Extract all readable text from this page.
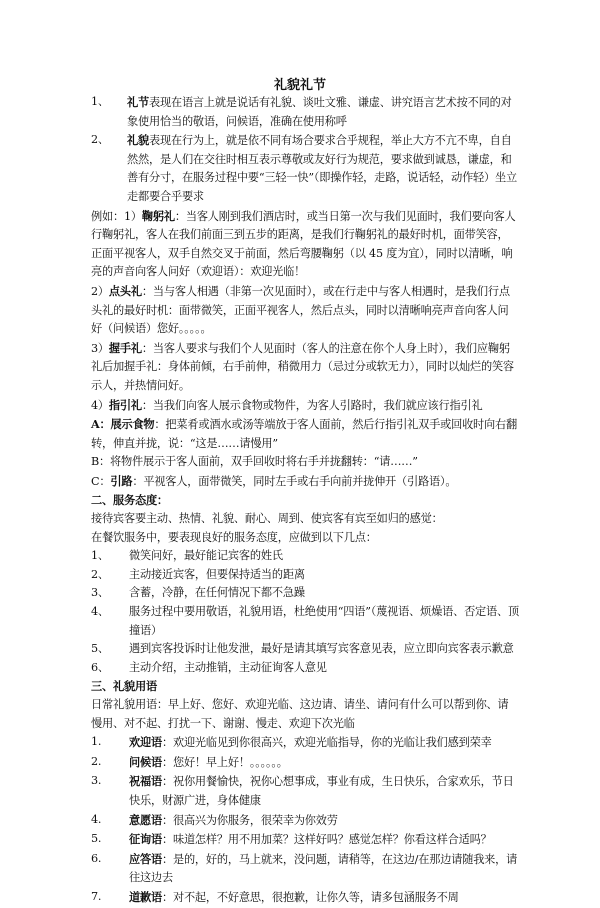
礼貌礼节
1、 礼节表现在语言上就是说话有礼貌、谈吐文雅、谦虚、讲究语言艺术按不同的对象使用恰当的敬语，问候语，准确在使用称呼
2、 礼貌表现在行为上，就是依不同有场合要求合乎规程，举止大方不亢不卑，自自然然，是人们在交往时相互表示尊敬或友好行为规范，要求做到诚恳，谦虚，和善有分寸，在服务过程中要“三轻一快”（即操作轻，走路，说话轻，动作轻）坐立走都要合乎要求

例如：1）鞠躬礼：当客人刚到我们酒店时，或当日第一次与我们见面时，我们要向客人行鞠躬礼，客人在我们前面三到五步的距离，是我们行鞠躬礼的最好时机，面带笑容，正面平视客人，双手自然交叉于前面，然后弯腰鞠躬（以 45 度为宜），同时以清晰，响亮的声音向客人问好（欢迎语）：欢迎光临！

2）点头礼：当与客人相遇（非第一次见面时），或在行走中与客人相遇时，是我们行点头礼的最好时机：面带微笑，正面平视客人，然后点头，同时以清晰响亮声音向客人问好（问候语）您好。。。。。

3）握手礼：当客人要求与我们个人见面时（客人的注意在你个人身上时），我们应鞠躬礼后加握手礼：身体前倾，右手前伸，稍微用力（忌过分或软无力），同时以灿烂的笑容示人，并热情问好。

4）指引礼：当我们向客人展示食物或物件，为客人引路时，我们就应该行指引礼

A：展示食物：把菜肴或酒水或汤等端放于客人面前，然后行指引礼双手或回收时向右翻转，伸直并拢，说：“这是……请慢用”

B：将物件展示于客人面前，双手回收时将右手并拢翻转：“请……”

C：引路：平视客人，面带微笑，同时左手或右手向前并拢伸开（引路语）。

二、服务态度：

接待宾客要主动、热情、礼貌、耐心、周到、使宾客有宾至如归的感觉：

在餐饮服务中，要表现良好的服务态度，应做到以下几点：

1、 微笑问好，最好能记宾客的姓氏
2、 主动接近宾客，但要保持适当的距离
3、 含蓄，冷静，在任何情况下都不急躁
4、 服务过程中要用敬语，礼貌用语，杜绝使用“四语”（蔑视语、烦燥语、否定语、顶撞语）
5、 遇到宾客投诉时让他发泄，最好是请其填写宾客意见表，应立即向宾客表示歉意
6、 主动介绍，主动推销，主动征询客人意见

三、礼貌用语

日常礼貌用语：早上好、您好、欢迎光临、这边请、请坐、请问有什么可以帮到你、请慢用、对不起、打扰一下、谢谢、慢走、欢迎下次光临

1. 欢迎语：欢迎光临见到你很高兴，欢迎光临指导，你的光临让我们感到荣幸
2. 问候语：您好！早上好！。。。。。。
3. 祝福语：祝你用餐愉快，祝你心想事成，事业有成，生日快乐，合家欢乐，节日快乐，财源广进，身体健康
4. 意愿语：很高兴为你服务，很荣幸为你效劳
5. 征询语：味道怎样？用不用加菜？这样好吗？感觉怎样？你看这样合适吗？
6. 应答语：是的，好的，马上就来，没问题，请稍等，在这边/在那边请随我来，请往这边去
7. 道歉语：对不起，不好意思，很抱歉，让你久等，请多包涵服务不周
